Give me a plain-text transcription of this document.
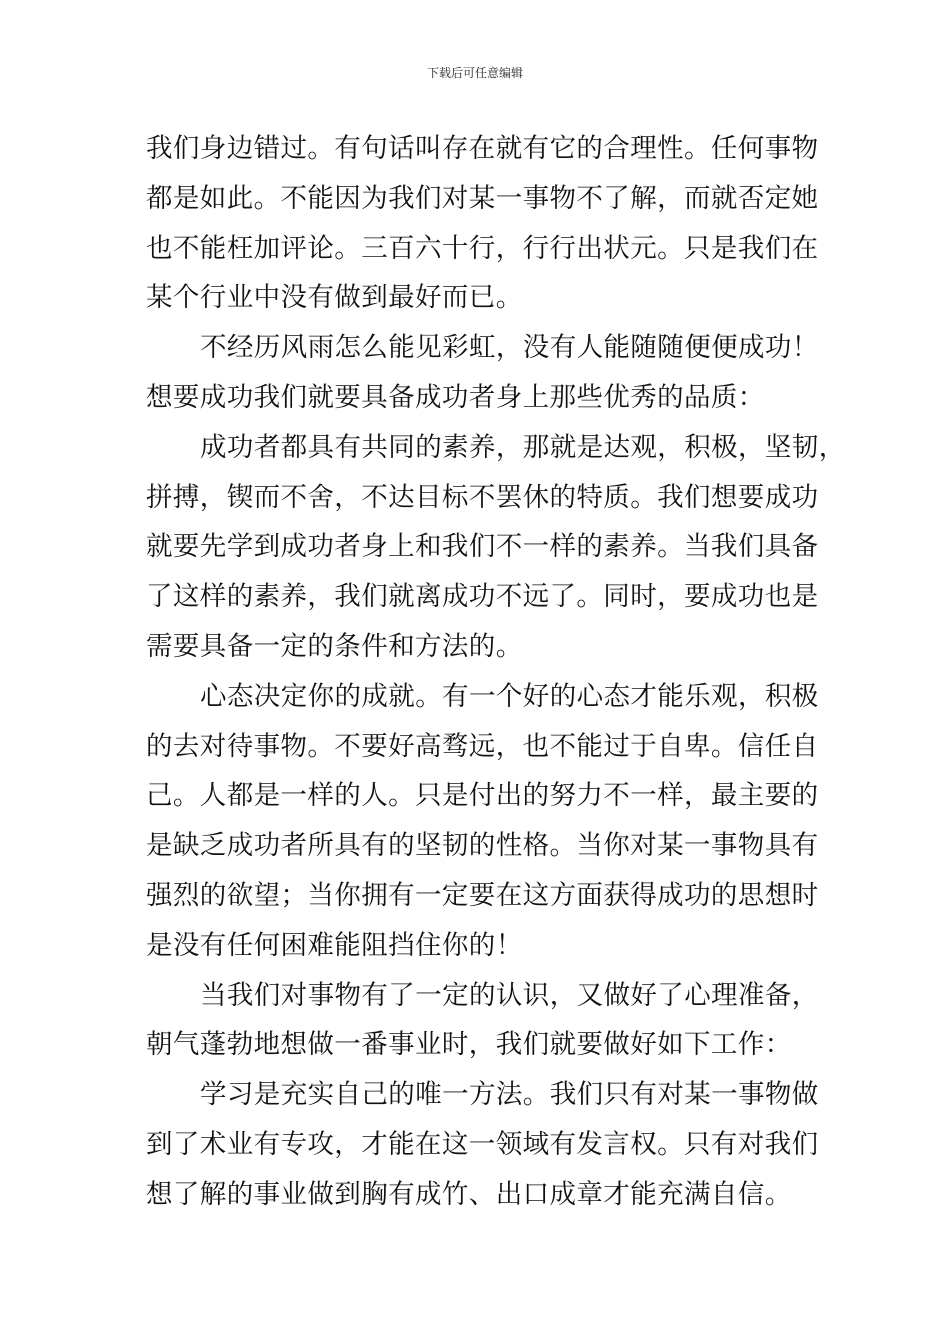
下载后可任意编辑
我们身边错过。有句话叫存在就有它的合理性。任何事物
都是如此。不能因为我们对某一事物不了解，而就否定她
也不能枉加评论。三百六十行，行行出状元。只是我们在
某个行业中没有做到最好而已。
不经历风雨怎么能见彩虹，没有人能随随便便成功！
想要成功我们就要具备成功者身上那些优秀的品质：
成功者都具有共同的素养，那就是达观，积极，坚韧，
拼搏，锲而不舍，不达目标不罢休的特质。我们想要成功
就要先学到成功者身上和我们不一样的素养。当我们具备
了这样的素养，我们就离成功不远了。同时，要成功也是
需要具备一定的条件和方法的。
心态决定你的成就。有一个好的心态才能乐观，积极
的去对待事物。不要好高骛远，也不能过于自卑。信任自
己。人都是一样的人。只是付出的努力不一样，最主要的
是缺乏成功者所具有的坚韧的性格。当你对某一事物具有
强烈的欲望；当你拥有一定要在这方面获得成功的思想时
是没有任何困难能阻挡住你的！
当我们对事物有了一定的认识，又做好了心理准备，
朝气蓬勃地想做一番事业时，我们就要做好如下工作：
学习是充实自己的唯一方法。我们只有对某一事物做
到了术业有专攻，才能在这一领域有发言权。只有对我们
想了解的事业做到胸有成竹、出口成章才能充满自信。
